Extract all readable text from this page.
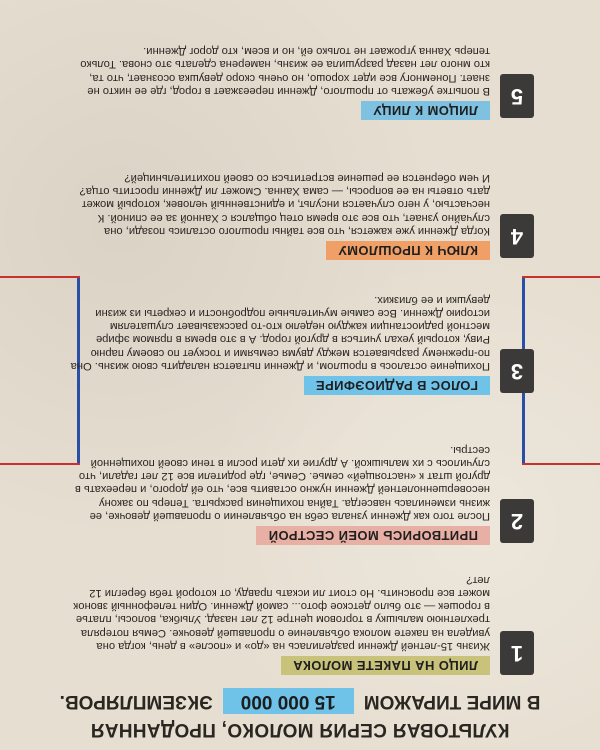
КУЛЬТОВАЯ СЕРИЯ МОЛОКО, ПРОДАННАЯ
В МИРЕ ТИРАЖОМ
15 000 000
ЭКЗЕМПЛЯРОВ.
1
ЛИЦО НА ПАКЕТЕ МОЛОКА
Жизнь 15-летней Дженни разделилась на «до» и «после» в день, когда она увидела на пакете молока объявление о пропавшей девочке. Семья потеряла трехлетнюю малышку в торговом центре 12 лет назад. Улыбка, волосы, платье в горошек — это было детское фото... самой Дженни. Один телефонный звонок может все прояснить. Но стоит ли искать правду, от которой тебя берегли 12 лет?
2
ПРИТВОРИСЬ МОЕЙ СЕСТРОЙ
После того как Дженни узнала себя на объявлении о пропавшей девочке, ее жизнь изменилась навсегда. Тайна похищения раскрыта. Теперь по закону несовершеннолетней Дженни нужно оставить все, что ей дорого, и переехать в другой штат к «настоящей» семье. Семье, где родители все 12 лет гадали, что случилось с их малышкой. А другие их дети росли в тени своей похищенной сестры.
3
ГОЛОС В РАДИОЭФИРЕ
Похищение осталось в прошлом, и Дженни пытается наладить свою жизнь. Она по-прежнему разрывается между двумя семьями и тоскует по своему парню Риву, который уехал учиться в другой город. А в это время в прямом эфире местной радиостанции каждую неделю кто-то рассказывает слушателям историю Дженни. Все самые мучительные подробности и секреты из жизни девушки и ее близких.
4
КЛЮЧ К ПРОШЛОМУ
Когда Дженни уже кажется, что все тайны прошлого остались позади, она случайно узнает, что все это время отец общался с Ханной за ее спиной. К несчастью, у него случается инсульт, и единственный человек, который может дать ответы на ее вопросы, — сама Ханна. Сможет ли Дженни простить отца? И чем обернется ее решение встретиться со своей похитительницей?
5
ЛИЦОМ К ЛИЦУ
В попытке убежать от прошлого, Дженни переезжает в город, где ее никто не знает. Понемногу все идет хорошо, но очень скоро девушка осознает, что та, кто много лет назад разрушила ее жизнь, намерена сделать это снова. Только теперь Ханна угрожает не только ей, но и всем, кто дорог Дженни.
